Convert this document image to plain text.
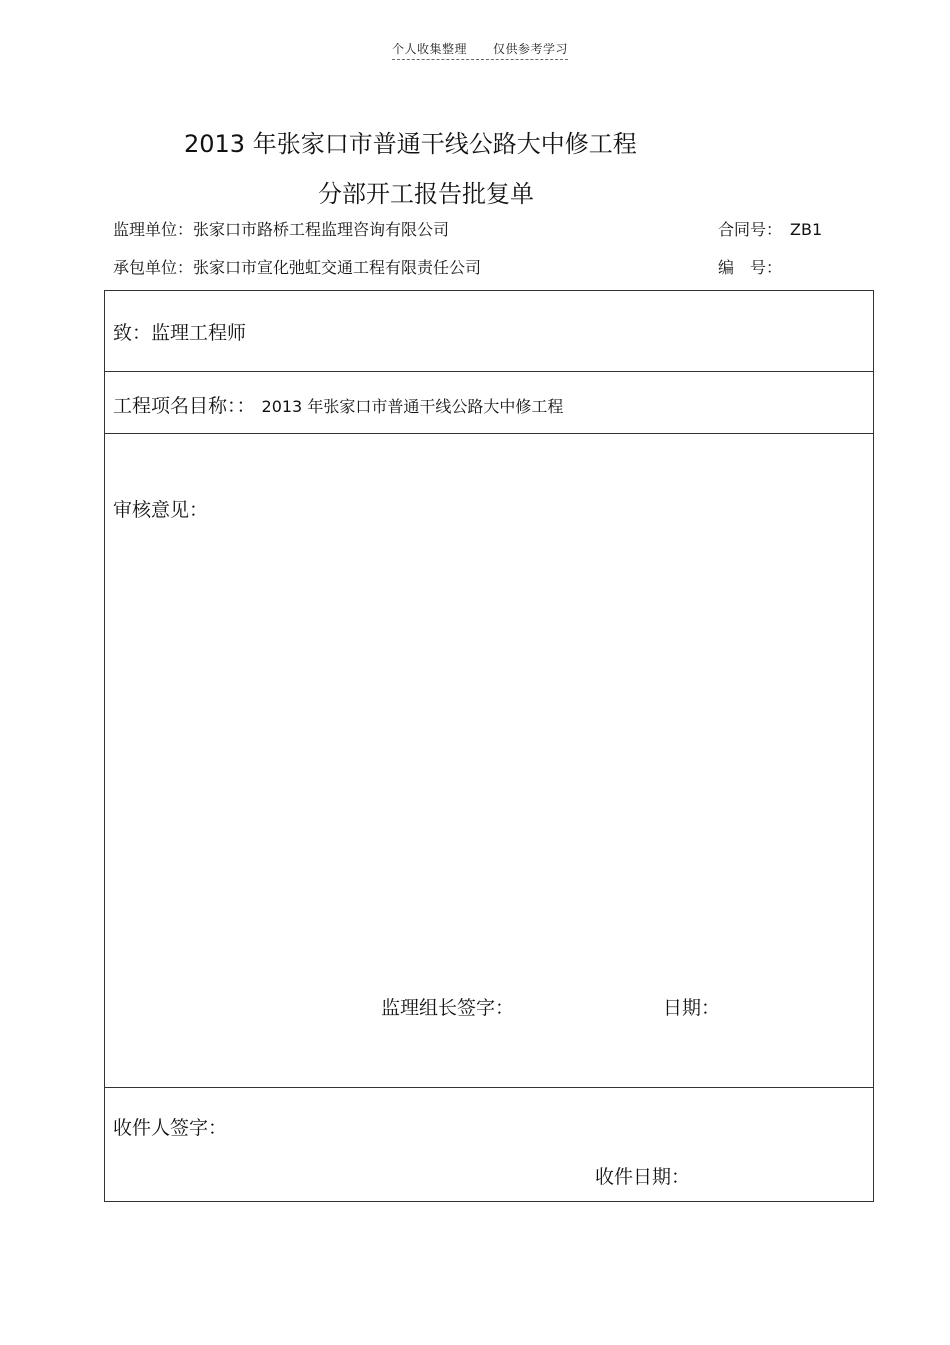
个人收集整理 仅供参考学习
2013 年张家口市普通干线公路大中修工程
分部开工报告批复单
监理单位：张家口市路桥工程监理咨询有限公司	合同号： ZB1
承包单位：张家口市宣化弛虹交通工程有限责任公司	编　号：
致：监理工程师
工程项名目称：： 2013 年张家口市普通干线公路大中修工程
审核意见：
监理组长签字：	日期：
收件人签字：
收件日期：
